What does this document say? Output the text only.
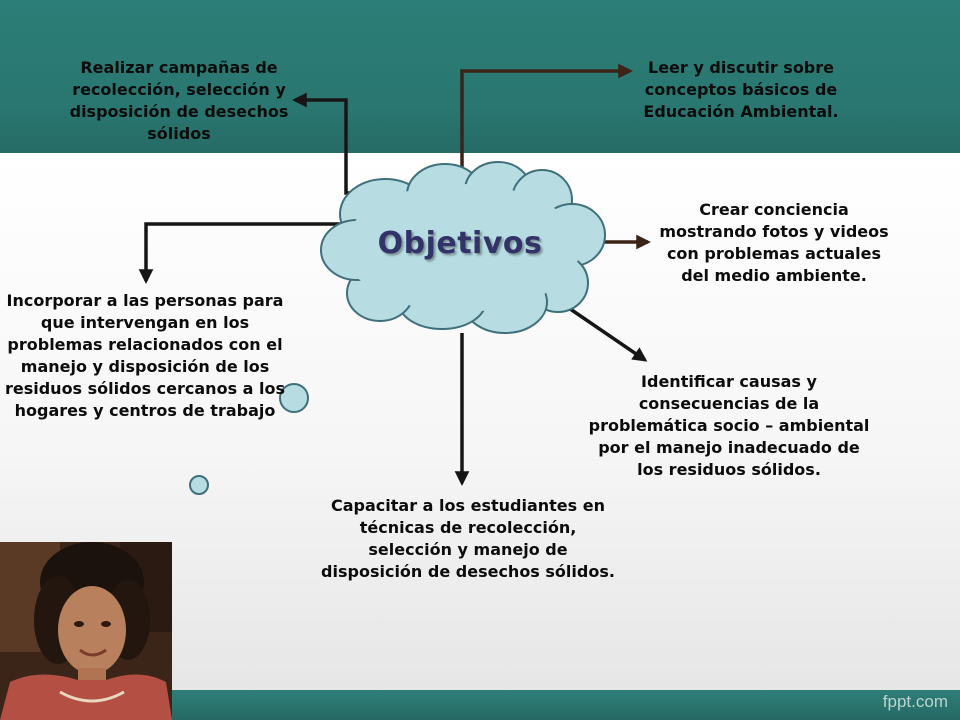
Objetivos

Realizar campañas de recolección, selección y disposición de desechos sólidos

Leer y discutir sobre conceptos básicos de Educación Ambiental.

Crear conciencia mostrando fotos y videos con problemas actuales del medio ambiente.

Incorporar a las personas para que intervengan en los problemas relacionados con el manejo y disposición de los residuos sólidos cercanos a los hogares y centros de trabajo

Identificar causas y consecuencias de la problemática socio – ambiental por el manejo inadecuado de los residuos sólidos.

Capacitar a los estudiantes en técnicas de recolección, selección y manejo de disposición de desechos sólidos.

fppt.com
